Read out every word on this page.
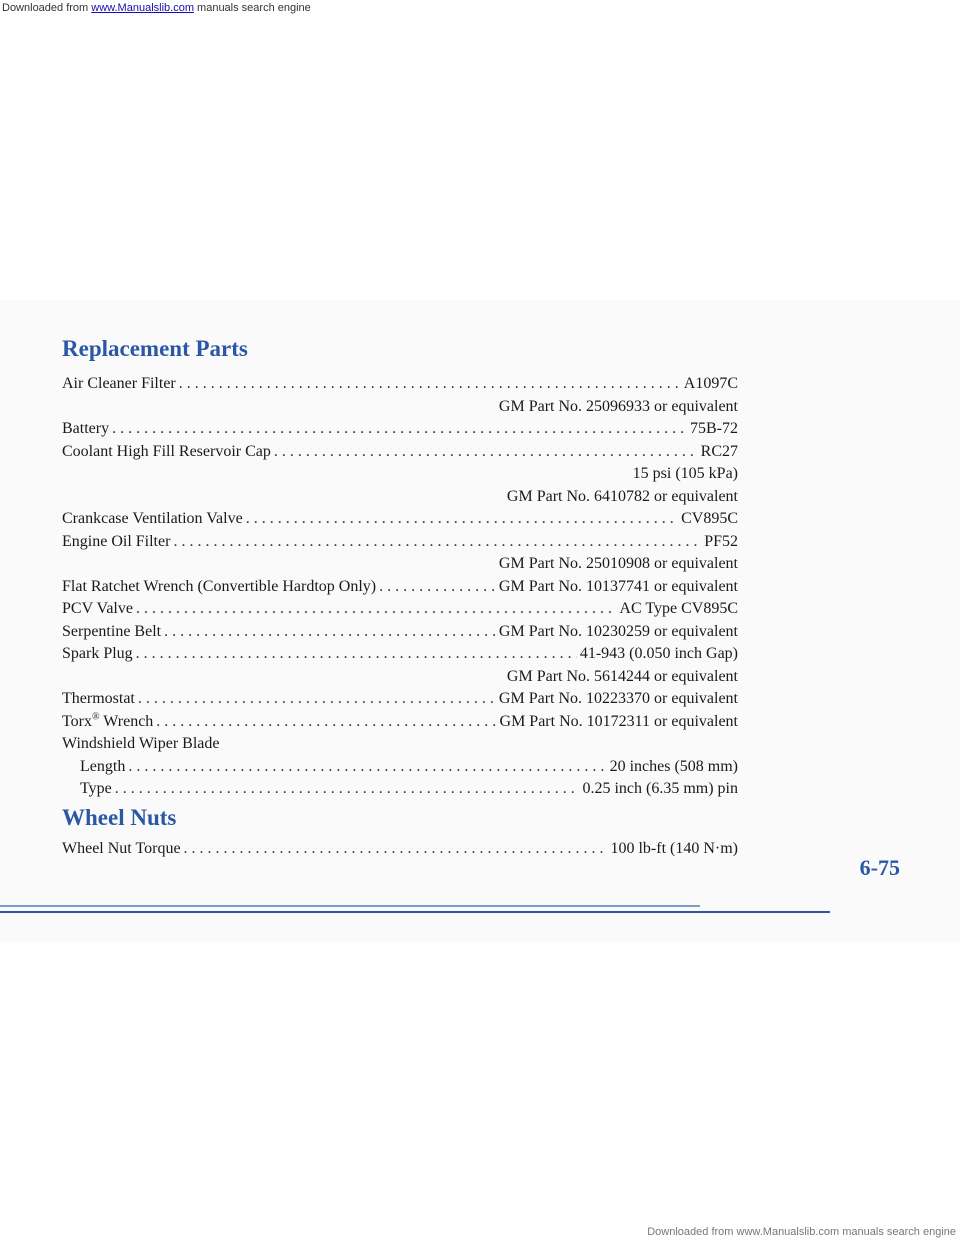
Downloaded from www.Manualslib.com manuals search engine
Replacement Parts
Air Cleaner Filter . . .	A1097C
GM Part No. 25096933 or equivalent
Battery . . .	75B-72
Coolant High Fill Reservoir Cap . . .	RC27
15 psi (105 kPa)
GM Part No. 6410782 or equivalent
Crankcase Ventilation Valve . . .	CV895C
Engine Oil Filter . . .	PF52
GM Part No. 25010908 or equivalent
Flat Ratchet Wrench (Convertible Hardtop Only) . . .	GM Part No. 10137741 or equivalent
PCV Valve . . .	AC Type CV895C
Serpentine Belt . . .	GM Part No. 10230259 or equivalent
Spark Plug . . .	41-943 (0.050 inch Gap)
GM Part No. 5614244 or equivalent
Thermostat . . .	GM Part No. 10223370 or equivalent
Torx® Wrench . . .	GM Part No. 10172311 or equivalent
Windshield Wiper Blade
Length . . .	20 inches (508 mm)
Type . . .	0.25 inch (6.35 mm) pin
Wheel Nuts
Wheel Nut Torque . . .	100 lb-ft (140 N·m)
6-75
Downloaded from www.Manualslib.com manuals search engine
